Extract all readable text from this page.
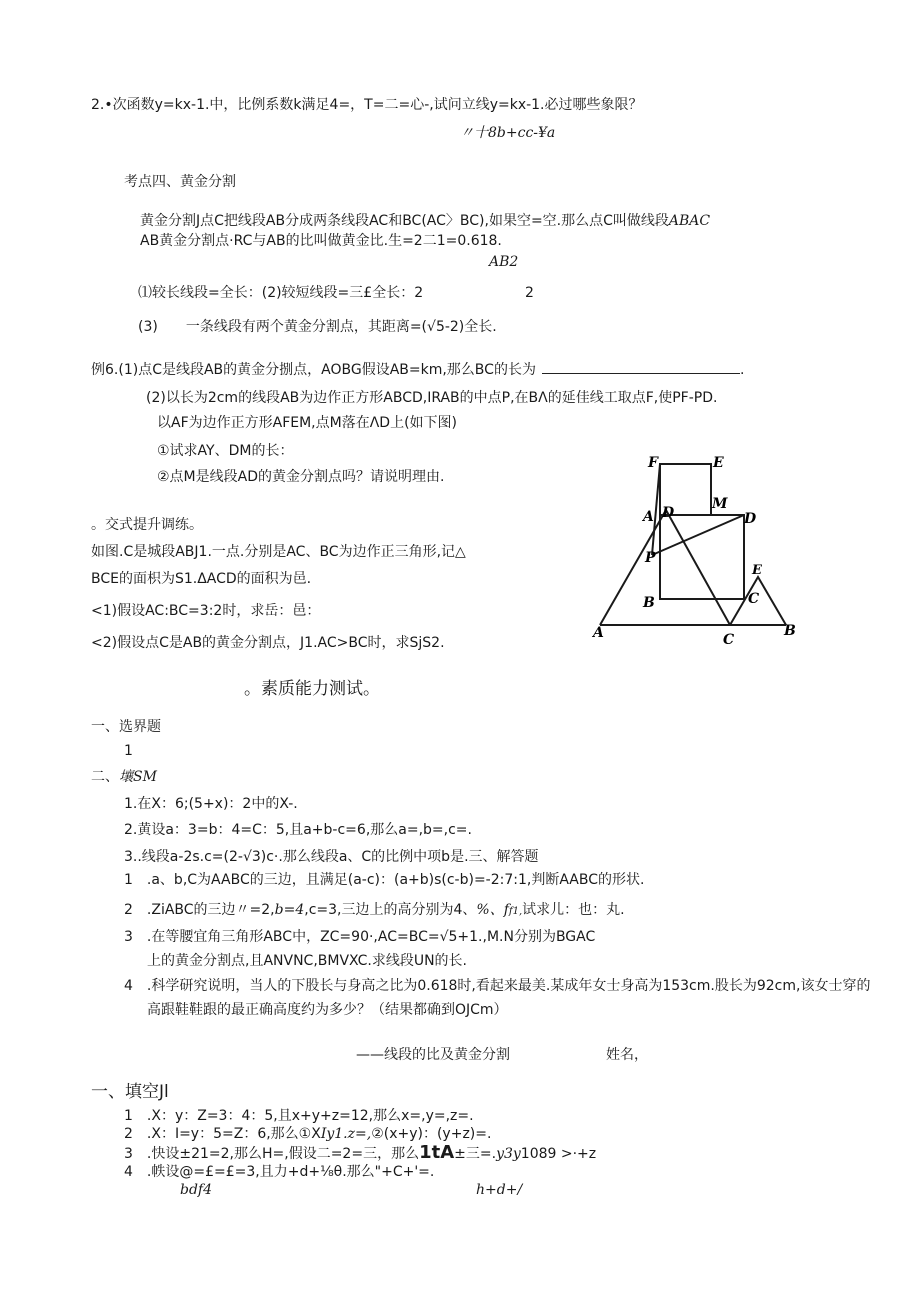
2.•次函数y=kx-1.中，比例系数k满足4=，T=二=心-,试问立线y=kx-1.必过哪些象限？
〃十8b+cc-¥a
考点四、黄金分割
黄金分割J点C把线段AB分成两条线段AC和BC(AC〉BC),如果空=空.那么点C叫做线段ABAC
AB黄金分割点·RC与AB的比叫做黄金比.生=2二1=0.618.
AB2
⑴较长线段=全长：(2)较短线段=三£全长：2	2
(3)　　一条线段有两个黄金分割点，其距离=(√5-2)全长.
例6.(1)点C是线段AB的黄金分捌点，AOBG假设AB=km,那么BC的长为	.
(2)以长为2cm的线段AB为边作正方形ABCD,IRAB的中点P,在BΛ的延佳线工取点F,使PF-PD.
以AF为边作正方形AFEM,点M落在ΛD上(如下图)
①试求AY、DM的长：
②点M是线段AD的黄金分割点吗？请说明理由.
。交式提升调练。
如图.C是城段ABJ1.一点.分别是AC、BC为边作正三角形,记△
BCE的面枳为S1.ΔACD的面积为邑.
<1)假设AC:BC=3:2时，求岳：邑：
<2)假设点C是AB的黄金分割点，J1.AC>BC时，求SjS2.
F	E
A D
M
D
P
B
E
C
A	C
B
。素质能力测试。
一、选界题
1
二、壤SM
1.在X：6;(5+x)：2中的X-.
2.黄设a：3=b：4=C：5,且a+b-c=6,那么a=,b=,c=.
3..线段a-2s.c=(2-√3)c·.那么线段a、C的比例中项b是.三、解答题
1　.a、b,C为AABC的三边，且满足(a-c)：(a+b)s(c-b)=-2:7:1,判断AABC的形状.
2　.ZiABC的三边〃=2,b=4,c=3,三边上的高分别为4、%、ff1,试求儿：也：丸.
3　.在等腰宜角三角形ABC中，ZC=90·,AC=BC=√5+1.,M.N分别为BGAC
上的黄金分割点,且ANVNC,BMVXC.求线段UN的长.
4　.科学研究说明，当人的下股长与身高之比为0.618时,看起来最美.某成年女士身高为153cm.股长为92cm,该女士穿的
高跟鞋鞋跟的最正确高度约为多少？（结果都确到OJCm）
——线段的比及黄金分割	姓名，
一、填空Jl
1　.X：y：Z=3：4：5,且x+y+z=12,那么x=,y=,z=.
2　.X：I=y：5=Z：6,那么①XIy1.z=,②(x+y)：(y+z)=.
3　.快设±21=2,那么H=,假设二=2=三，那么1tA±三=.y3y1089 >·+z
4　.帙设@=£=£=3,且力+d+⅛θ.那么"+C+'=.
bdf4	h+d+/
